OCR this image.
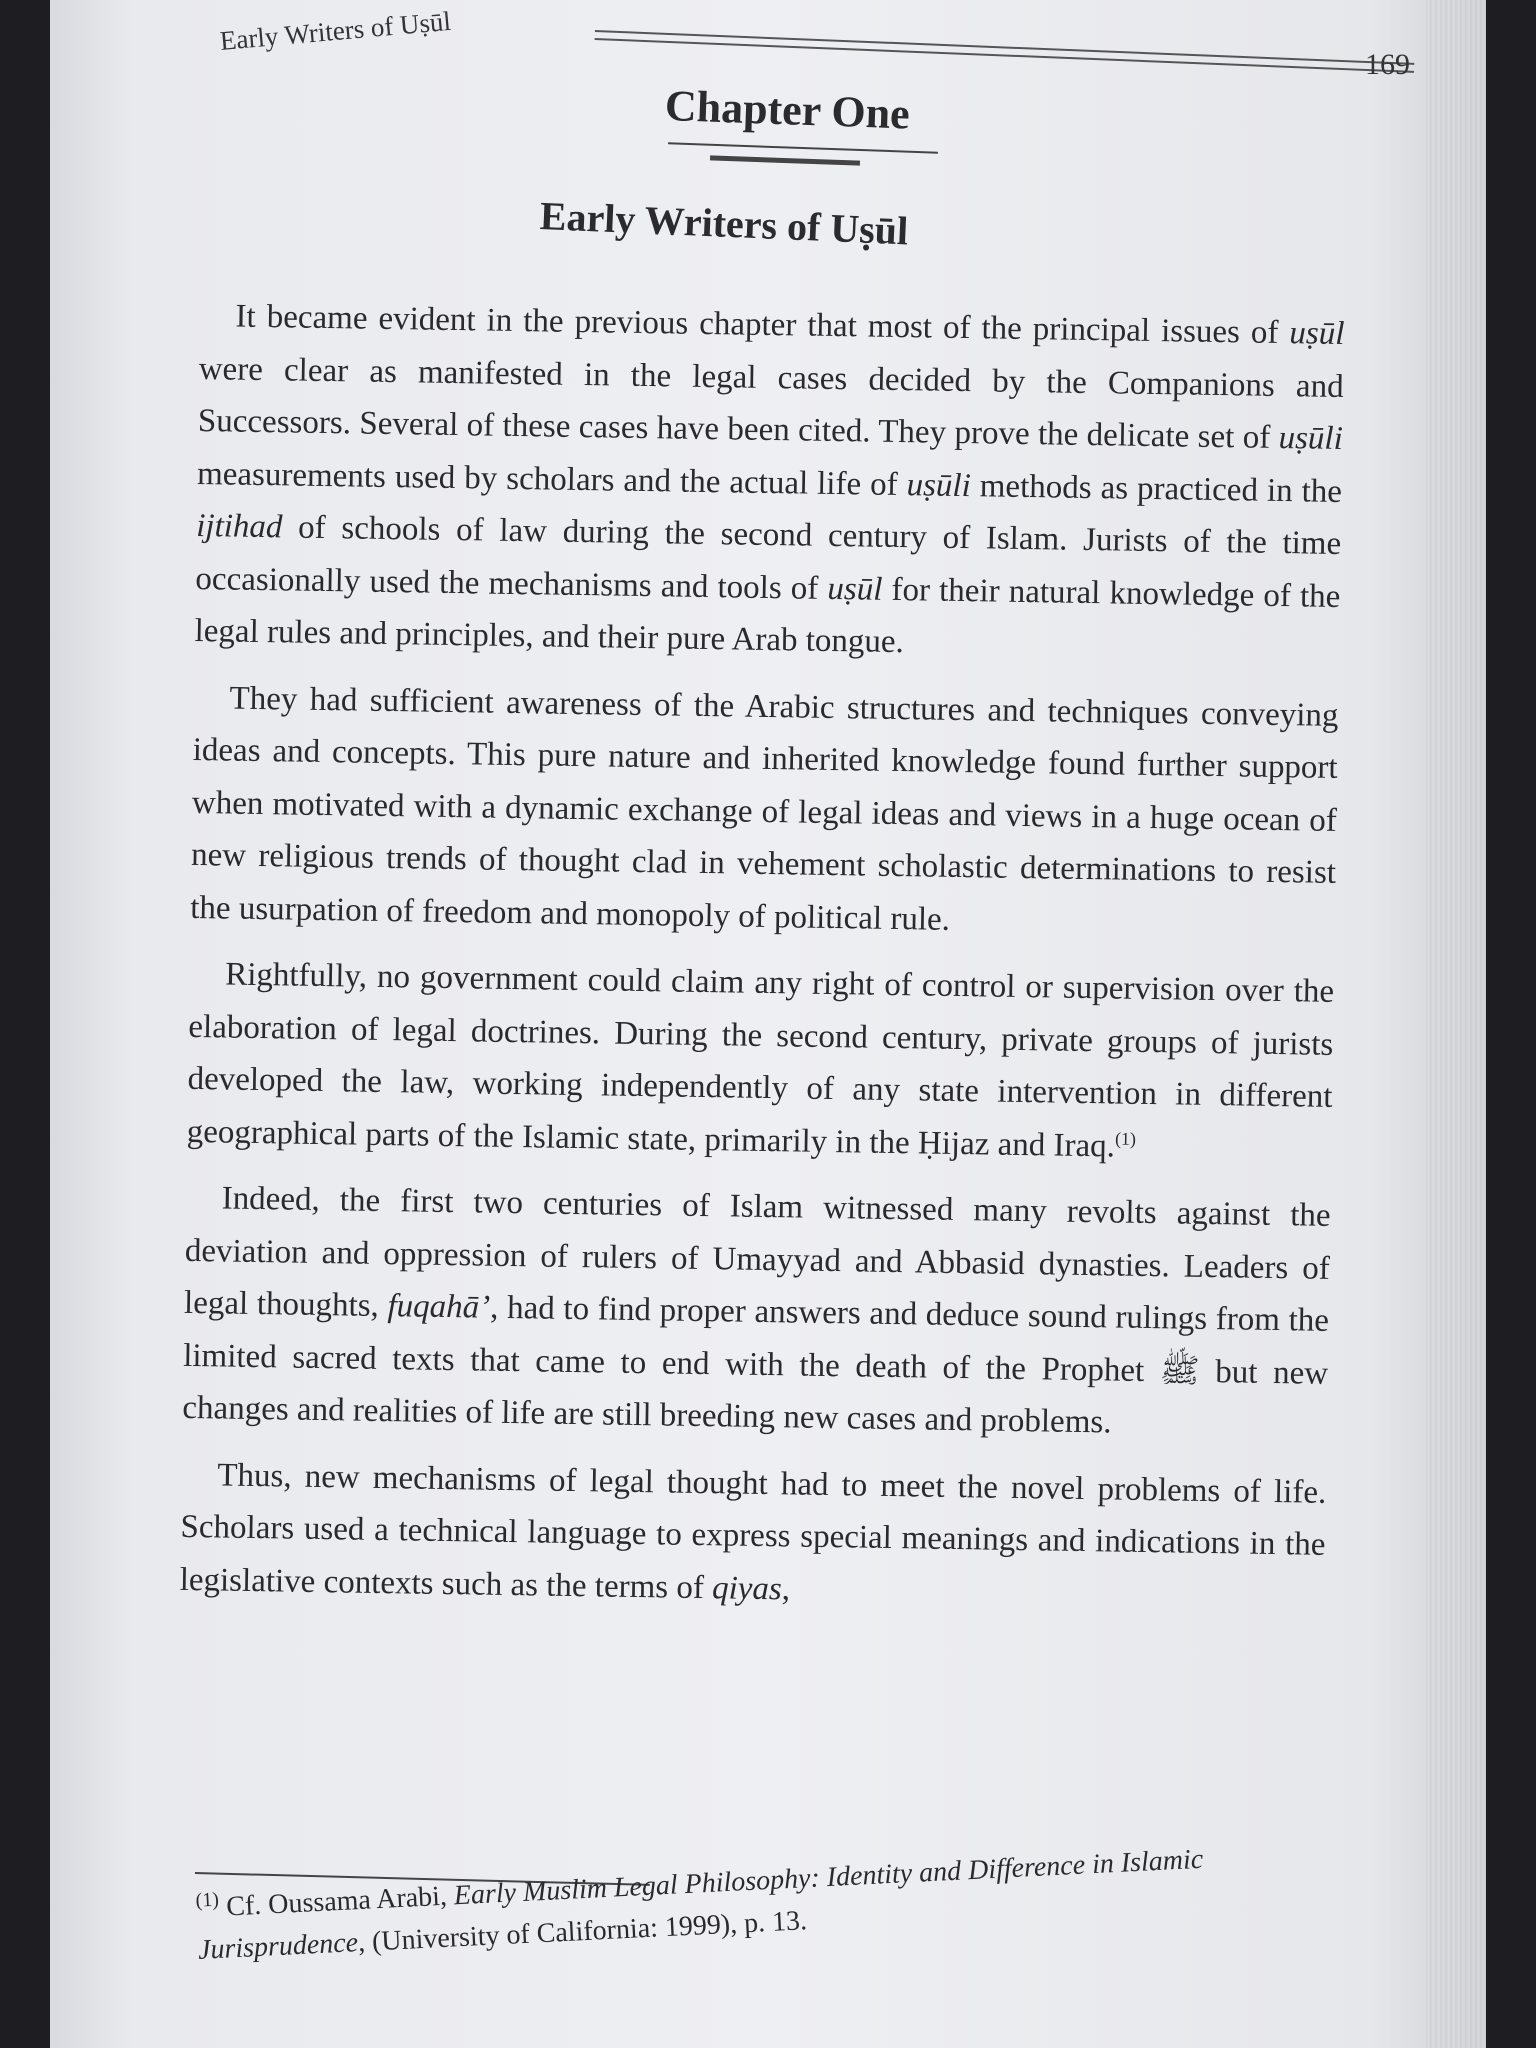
Early Writers of Uṣūl
169
Chapter One
Early Writers of Uṣūl

It became evident in the previous chapter that most of the principal issues of uṣūl were clear as manifested in the legal cases decided by the Companions and Successors. Several of these cases have been cited. They prove the delicate set of uṣūli measurements used by scholars and the actual life of uṣūli methods as practiced in the ijtihad of schools of law during the second century of Islam. Jurists of the time occasionally used the mechanisms and tools of uṣūl for their natural knowledge of the legal rules and principles, and their pure Arab tongue.

They had sufficient awareness of the Arabic structures and techniques conveying ideas and concepts. This pure nature and inherited knowledge found further support when motivated with a dynamic exchange of legal ideas and views in a huge ocean of new religious trends of thought clad in vehement scholastic determinations to resist the usurpation of freedom and monopoly of political rule.

Rightfully, no government could claim any right of control or supervision over the elaboration of legal doctrines. During the second century, private groups of jurists developed the law, working independently of any state intervention in different geographical parts of the Islamic state, primarily in the Ḥijaz and Iraq.$^{(1)}$

Indeed, the first two centuries of Islam witnessed many revolts against the deviation and oppression of rulers of Umayyad and Abbasid dynasties. Leaders of legal thoughts, fuqahā’, had to find proper answers and deduce sound rulings from the limited sacred texts that came to end with the death of the Prophet ﷺ but new changes and realities of life are still breeding new cases and problems.

Thus, new mechanisms of legal thought had to meet the novel problems of life. Scholars used a technical language to express special meanings and indications in the legislative contexts such as the terms of qiyas,

$^{(1)}$ Cf. Oussama Arabi, Early Muslim Legal Philosophy: Identity and Difference in Islamic Jurisprudence, (University of California: 1999), p. 13.
